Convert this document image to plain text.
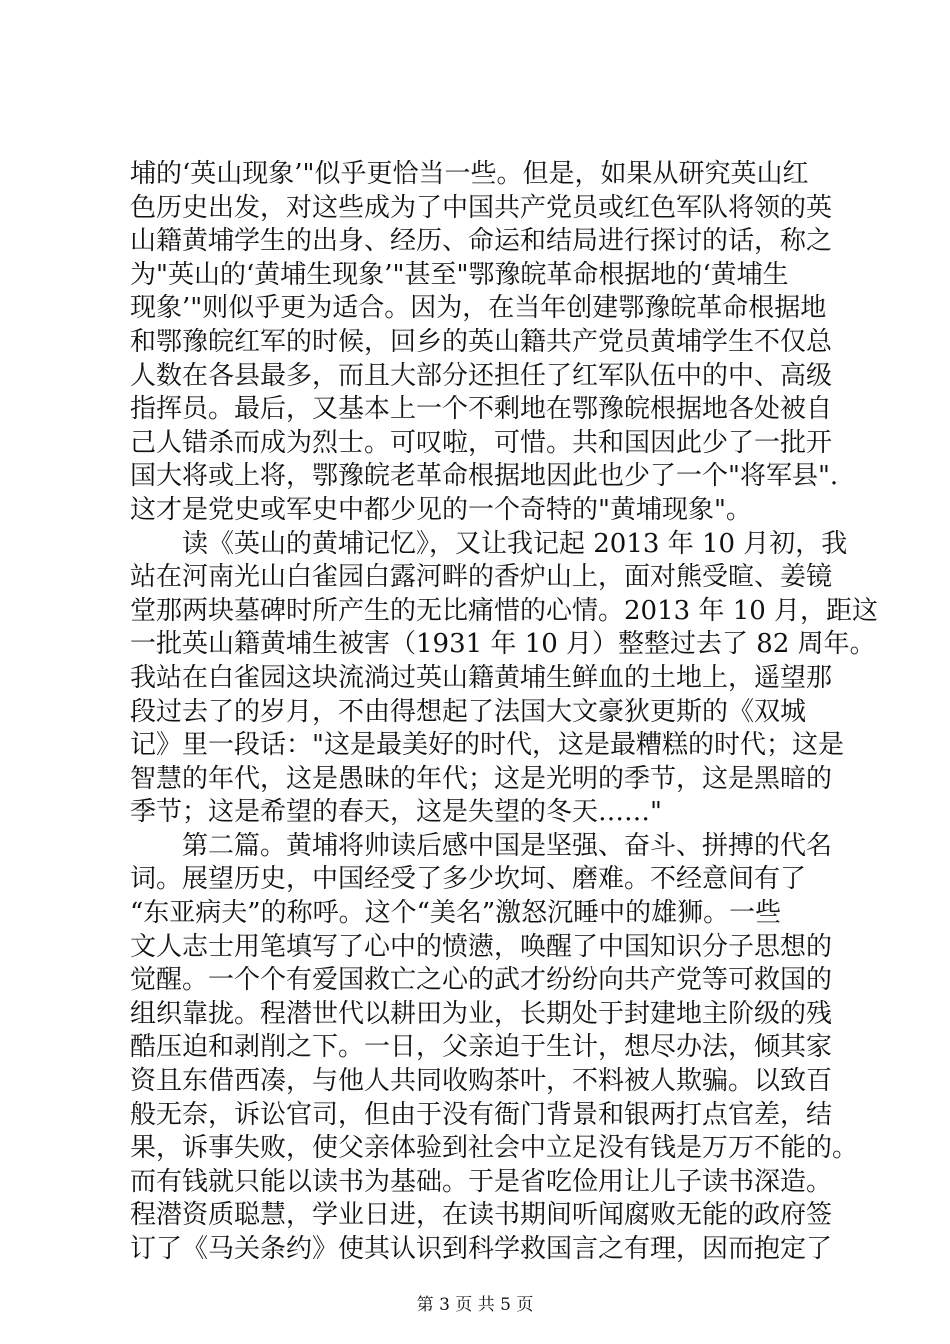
埔的‘英山现象’"似乎更恰当一些。但是，如果从研究英山红
色历史出发，对这些成为了中国共产党员或红色军队将领的英
山籍黄埔学生的出身、经历、命运和结局进行探讨的话，称之
为"英山的‘黄埔生现象’"甚至"鄂豫皖革命根据地的‘黄埔生
现象’"则似乎更为适合。因为，在当年创建鄂豫皖革命根据地
和鄂豫皖红军的时候，回乡的英山籍共产党员黄埔学生不仅总
人数在各县最多，而且大部分还担任了红军队伍中的中、高级
指挥员。最后，又基本上一个不剩地在鄂豫皖根据地各处被自
己人错杀而成为烈士。可叹啦，可惜。共和国因此少了一批开
国大将或上将，鄂豫皖老革命根据地因此也少了一个"将军县".
这才是党史或军史中都少见的一个奇特的"黄埔现象"。
读《英山的黄埔记忆》，又让我记起 2013 年 10 月初，我
站在河南光山白雀园白露河畔的香炉山上，面对熊受暄、姜镜
堂那两块墓碑时所产生的无比痛惜的心情。2013 年 10 月，距这
一批英山籍黄埔生被害（1931 年 10 月）整整过去了 82 周年。
我站在白雀园这块流淌过英山籍黄埔生鲜血的土地上，遥望那
段过去了的岁月，不由得想起了法国大文豪狄更斯的《双城
记》里一段话："这是最美好的时代，这是最糟糕的时代；这是
智慧的年代，这是愚昧的年代；这是光明的季节，这是黑暗的
季节；这是希望的春天，这是失望的冬天……"
第二篇。黄埔将帅读后感中国是坚强、奋斗、拼搏的代名
词。展望历史，中国经受了多少坎坷、磨难。不经意间有了
“东亚病夫”的称呼。这个“美名”激怒沉睡中的雄狮。一些
文人志士用笔填写了心中的愤懑，唤醒了中国知识分子思想的
觉醒。一个个有爱国救亡之心的武才纷纷向共产党等可救国的
组织靠拢。程潜世代以耕田为业，长期处于封建地主阶级的残
酷压迫和剥削之下。一日，父亲迫于生计，想尽办法，倾其家
资且东借西凑，与他人共同收购茶叶，不料被人欺骗。以致百
般无奈，诉讼官司，但由于没有衙门背景和银两打点官差，结
果，诉事失败，使父亲体验到社会中立足没有钱是万万不能的。
而有钱就只能以读书为基础。于是省吃俭用让儿子读书深造。
程潜资质聪慧，学业日进，在读书期间听闻腐败无能的政府签
订了《马关条约》使其认识到科学救国言之有理，因而抱定了
第 3 页 共 5 页
